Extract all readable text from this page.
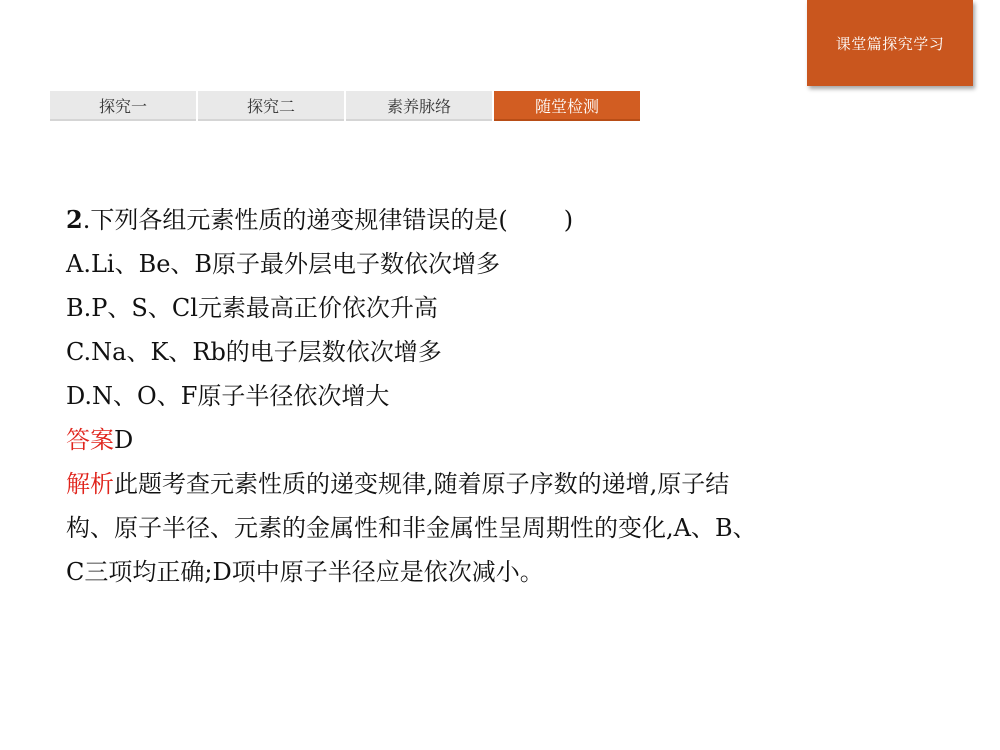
课堂篇探究学习
探究一	探究二	素养脉络	随堂检测

2.下列各组元素性质的递变规律错误的是( )

A.Li、Be、B原子最外层电子数依次增多

B.P、S、Cl元素最高正价依次升高

C.Na、K、Rb的电子层数依次增多

D.N、O、F原子半径依次增大

答案D

解析此题考查元素性质的递变规律,随着原子序数的递增,原子结

构、原子半径、元素的金属性和非金属性呈周期性的变化,A、B、

C三项均正确;D项中原子半径应是依次减小。
